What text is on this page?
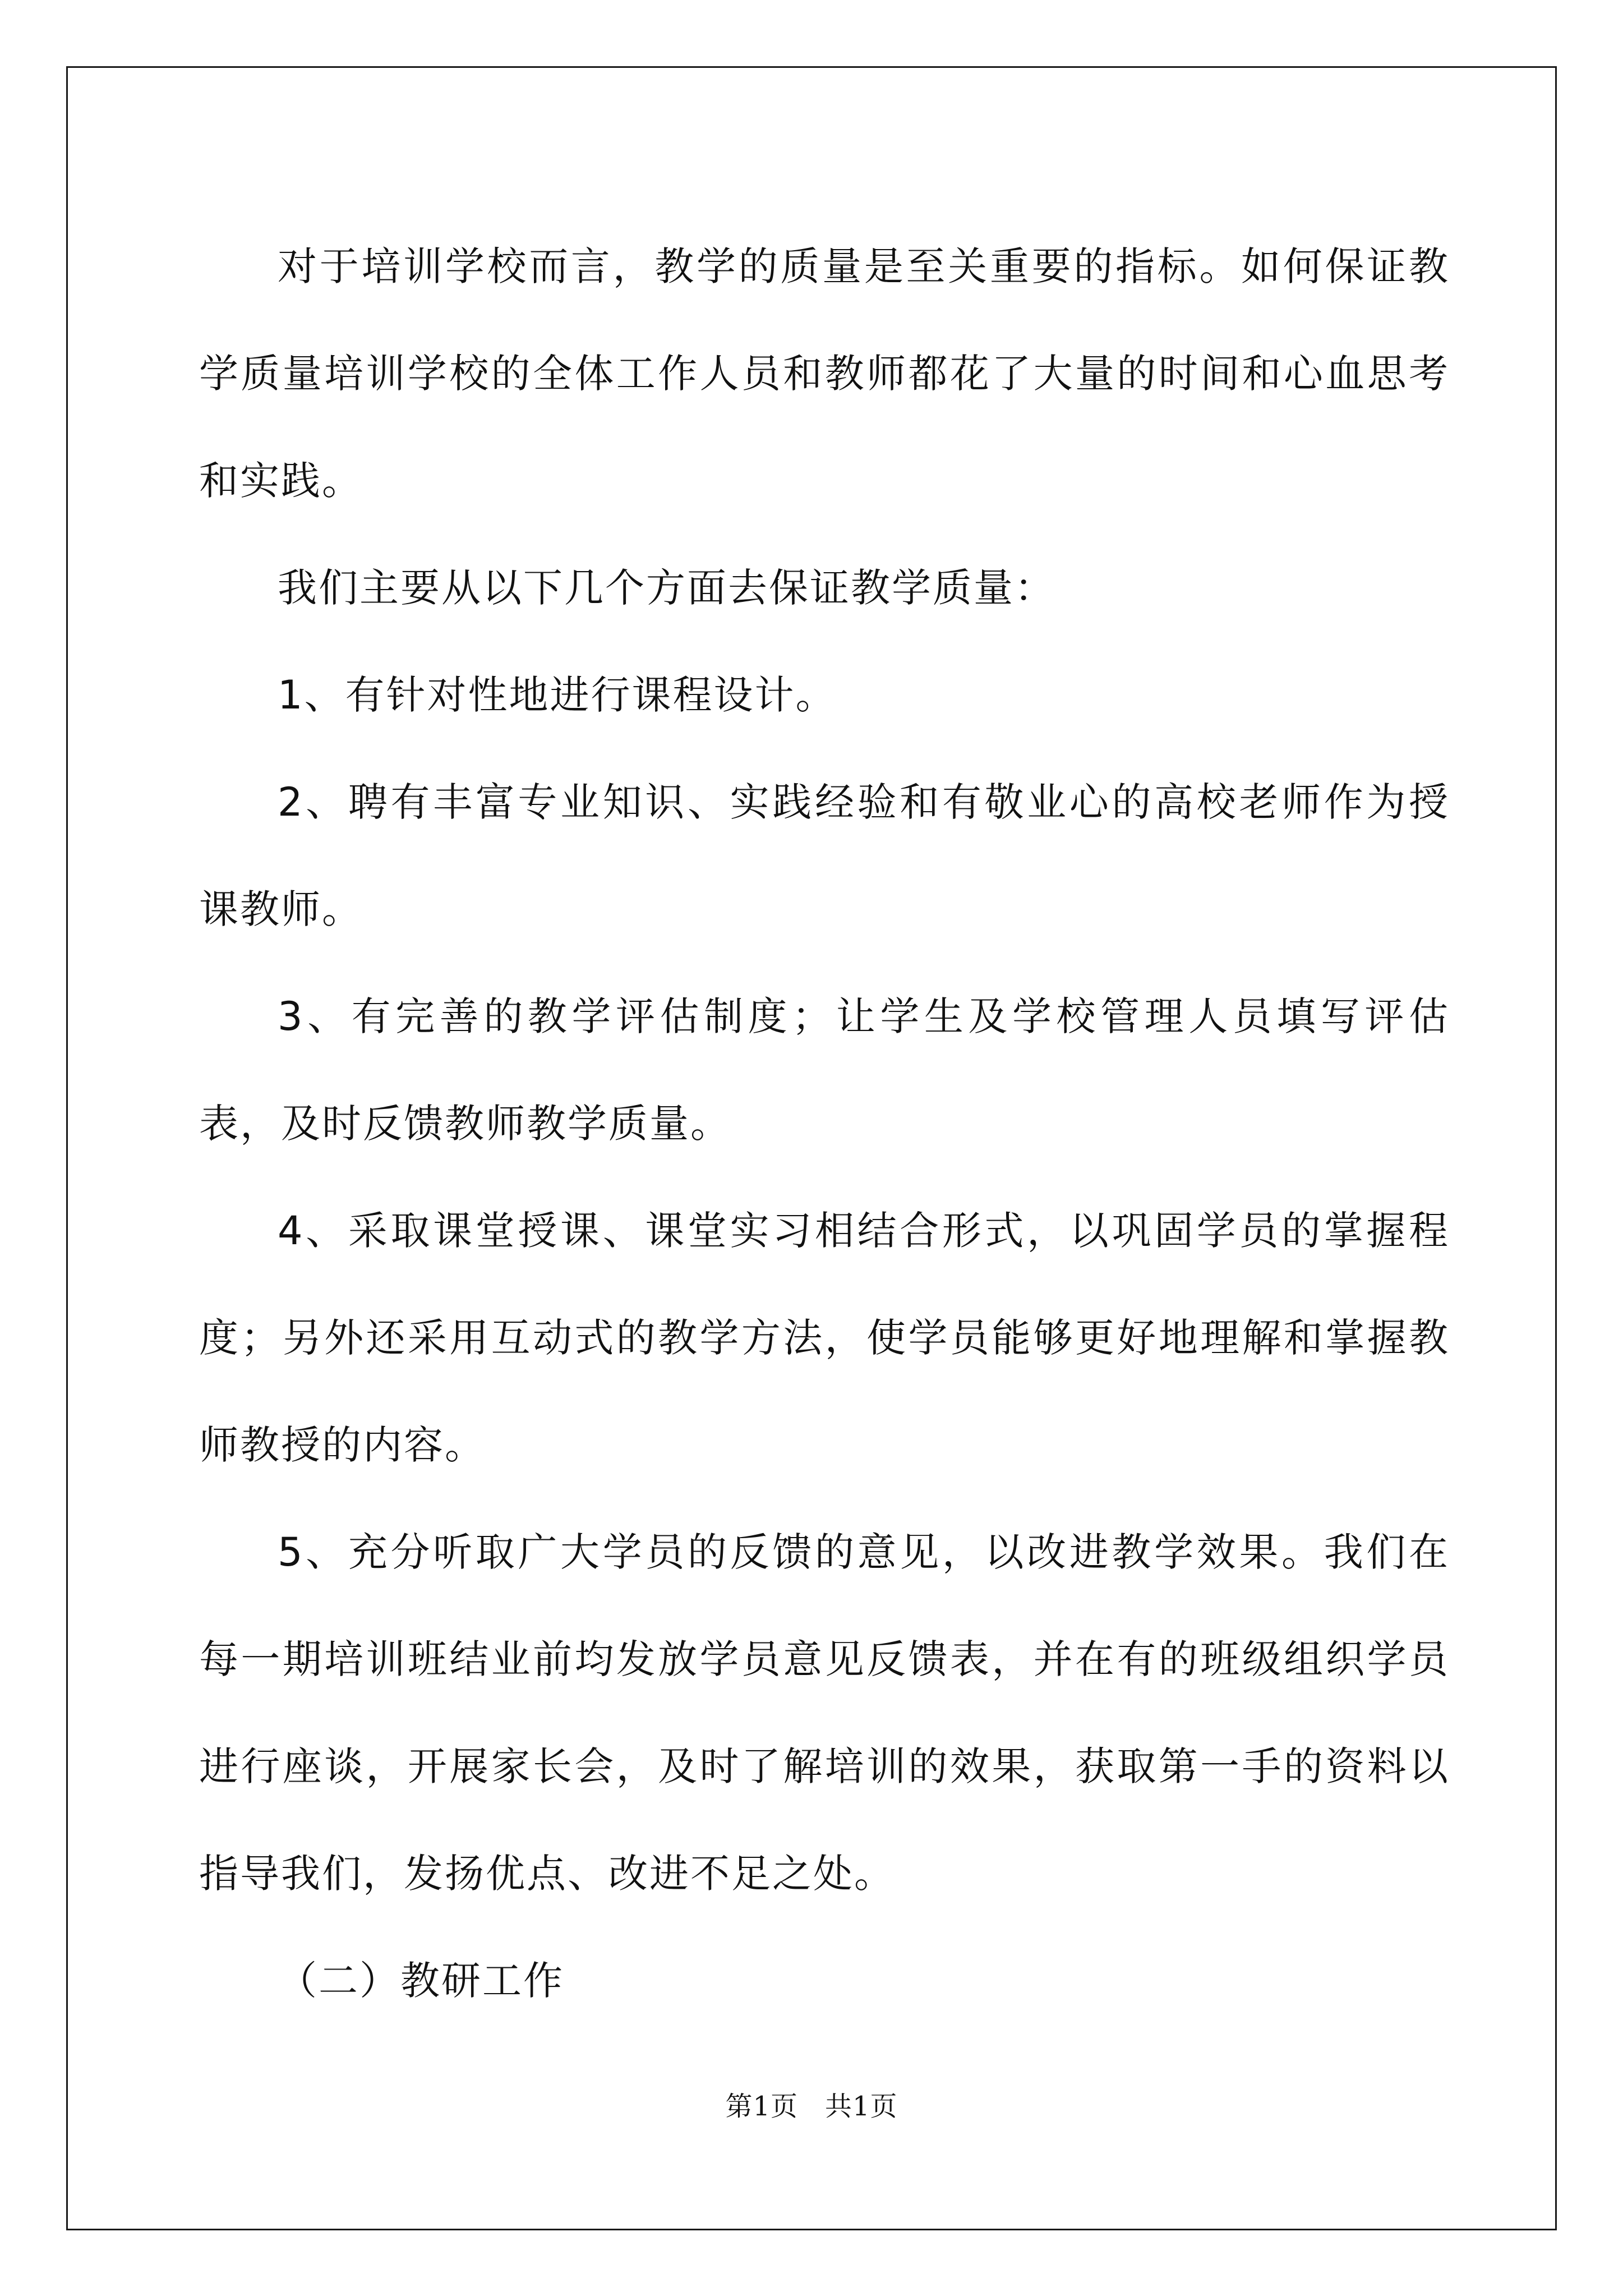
对于培训学校而言，教学的质量是至关重要的指标。如何保证教学质量培训学校的全体工作人员和教师都花了大量的时间和心血思考和实践。

我们主要从以下几个方面去保证教学质量：

1、有针对性地进行课程设计。

2、聘有丰富专业知识、实践经验和有敬业心的高校老师作为授课教师。

3、有完善的教学评估制度；让学生及学校管理人员填写评估表，及时反馈教师教学质量。

4、采取课堂授课、课堂实习相结合形式，以巩固学员的掌握程度；另外还采用互动式的教学方法，使学员能够更好地理解和掌握教师教授的内容。

5、充分听取广大学员的反馈的意见，以改进教学效果。我们在每一期培训班结业前均发放学员意见反馈表，并在有的班级组织学员进行座谈，开展家长会，及时了解培训的效果，获取第一手的资料以指导我们，发扬优点、改进不足之处。

（二）教研工作

第1页 共1页
